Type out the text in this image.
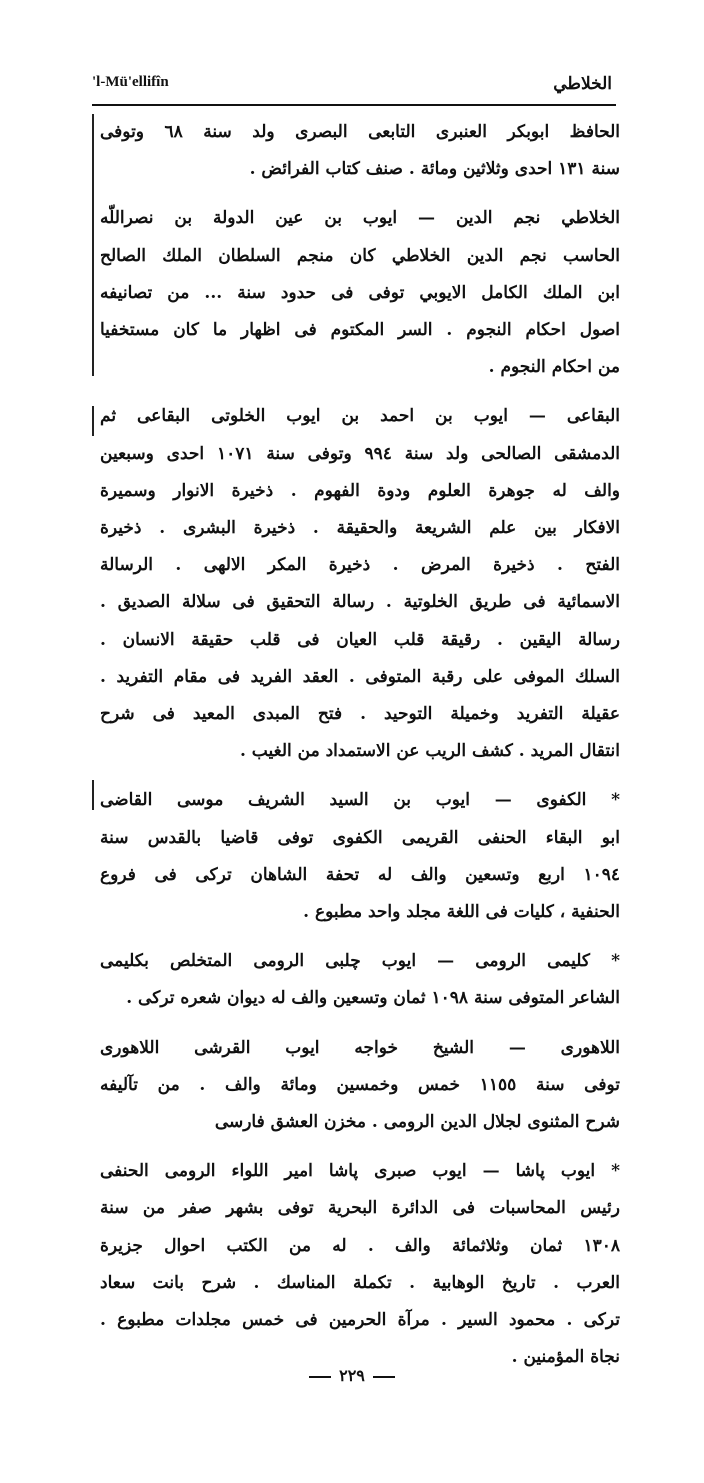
'l-Mü'ellifîn	الخلاطي
الحافظ ابوبكر العنبرى التابعى البصرى ولد سنة ٦٨ وتوفى
سنة ١٣١ احدى وثلاثين ومائة . صنف كتاب الفرائض .
الخلاطي نجم الدين — ايوب بن عين الدولة بن نصراللّه
الحاسب نجم الدين الخلاطي كان منجم السلطان الملك الصالح
ابن الملك الكامل الايوبي توفى فى حدود سنة ... من تصانيفه
اصول احكام النجوم . السر المكتوم فى اظهار ما كان مستخفيا
من احكام النجوم .
البقاعى — ايوب بن احمد بن ايوب الخلوتى البقاعى ثم
الدمشقى الصالحى ولد سنة ٩٩٤ وتوفى سنة ١٠٧١ احدى وسبعين
والف له جوهرة العلوم ودوة الفهوم . ذخيرة الانوار وسميرة
الافكار بين علم الشريعة والحقيقة . ذخيرة البشرى . ذخيرة
الفتح . ذخيرة المرض . ذخيرة المكر الالهى . الرسالة
الاسمائية فى طريق الخلوتية . رسالة التحقيق فى سلالة الصديق .
رسالة اليقين . رقيقة قلب العيان فى قلب حقيقة الانسان .
السلك الموفى على رقبة المتوفى . العقد الفريد فى مقام التفريد .
عقيلة التفريد وخميلة التوحيد . فتح المبدى المعيد فى شرح
انتقال المريد . كشف الريب عن الاستمداد من الغيب .
* الكفوى — ايوب بن السيد الشريف موسى القاضى
ابو البقاء الحنفى القريمى الكفوى توفى قاضيا بالقدس سنة
١٠٩٤ اربع وتسعين والف له تحفة الشاهان تركى فى فروع
الحنفية ، كليات فى اللغة مجلد واحد مطبوع .
* كليمى الرومى — ايوب چلبى الرومى المتخلص بكليمى
الشاعر المتوفى سنة ١٠٩٨ ثمان وتسعين والف له ديوان شعره تركى .
اللاهورى — الشيخ خواجه ايوب القرشى اللاهورى
توفى سنة ١١٥٥ خمس وخمسين ومائة والف . من تآليفه
شرح المثنوى لجلال الدين الرومى . مخزن العشق فارسى
* ايوب پاشا — ايوب صبرى پاشا امير اللواء الرومى الحنفى
رئيس المحاسبات فى الدائرة البحرية توفى بشهر صفر من سنة
١٣٠٨ ثمان وثلاثمائة والف . له من الكتب احوال جزيرة
العرب . تاريخ الوهابية . تكملة المناسك . شرح بانت سعاد
تركى . محمود السير . مرآة الحرمين فى خمس مجلدات مطبوع .
نجاة المؤمنين .
٢٢٩
